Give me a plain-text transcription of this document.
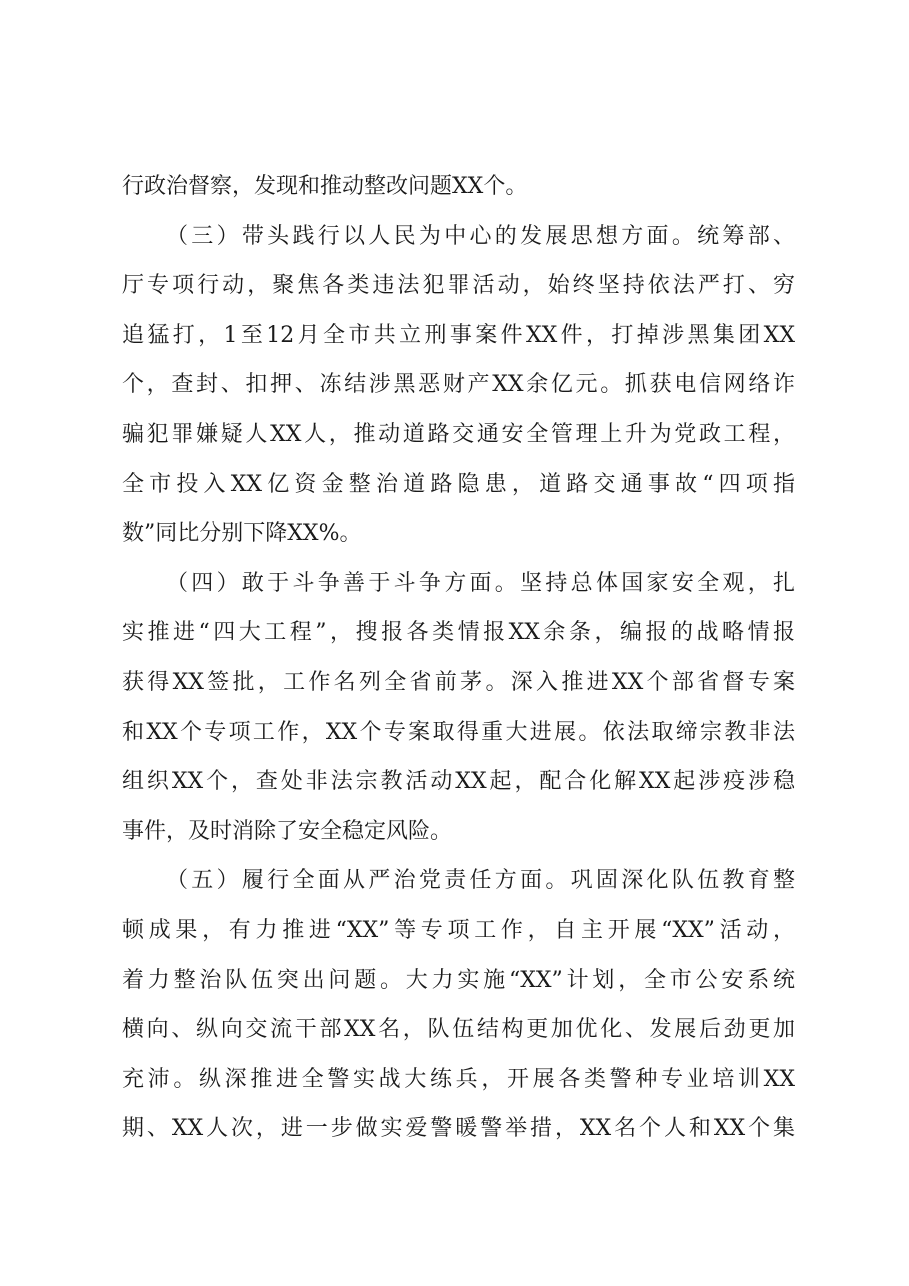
行政治督察，发现和推动整改问题XX个。
（三）带头践行以人民为中心的发展思想方面。统筹部、
厅专项行动，聚焦各类违法犯罪活动，始终坚持依法严打、穷
追猛打，1至12月全市共立刑事案件XX件，打掉涉黑集团XX
个，查封、扣押、冻结涉黑恶财产XX余亿元。抓获电信网络诈
骗犯罪嫌疑人XX人，推动道路交通安全管理上升为党政工程，
全市投入XX亿资金整治道路隐患，道路交通事故“四项指
数”同比分别下降XX%。
（四）敢于斗争善于斗争方面。坚持总体国家安全观，扎
实推进“四大工程”，搜报各类情报XX余条，编报的战略情报
获得XX签批，工作名列全省前茅。深入推进XX个部省督专案
和XX个专项工作，XX个专案取得重大进展。依法取缔宗教非法
组织XX个，查处非法宗教活动XX起，配合化解XX起涉疫涉稳
事件，及时消除了安全稳定风险。
（五）履行全面从严治党责任方面。巩固深化队伍教育整
顿成果，有力推进“XX”等专项工作，自主开展“XX”活动，
着力整治队伍突出问题。大力实施“XX”计划，全市公安系统
横向、纵向交流干部XX名，队伍结构更加优化、发展后劲更加
充沛。纵深推进全警实战大练兵，开展各类警种专业培训XX
期、XX人次，进一步做实爱警暖警举措，XX名个人和XX个集
